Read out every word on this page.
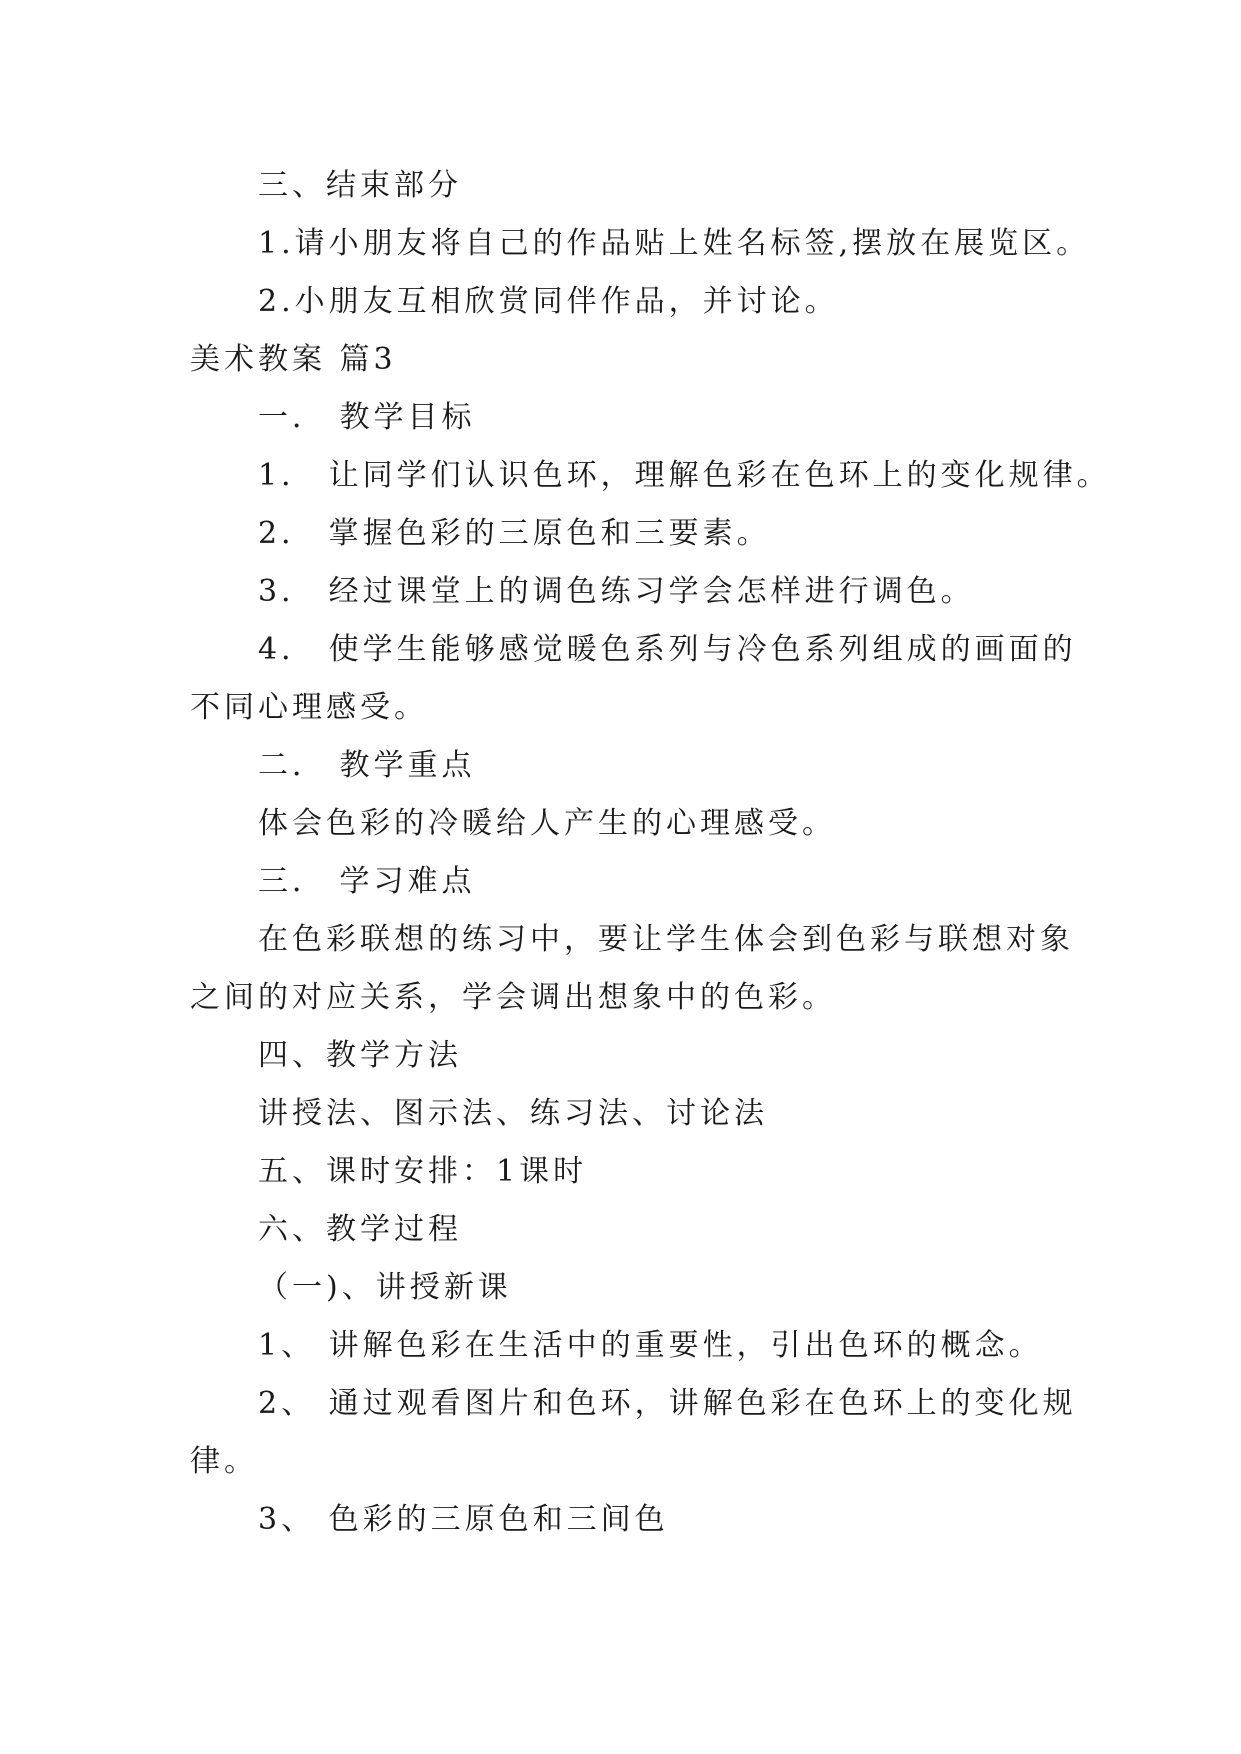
三、结束部分
1.请小朋友将自己的作品贴上姓名标签,摆放在展览区。
2.小朋友互相欣赏同伴作品，并讨论。
美术教案 篇3
一． 教学目标
1． 让同学们认识色环，理解色彩在色环上的变化规律。
2． 掌握色彩的三原色和三要素。
3． 经过课堂上的调色练习学会怎样进行调色。
4． 使学生能够感觉暖色系列与冷色系列组成的画面的
不同心理感受。
二． 教学重点
体会色彩的冷暖给人产生的心理感受。
三． 学习难点
在色彩联想的练习中，要让学生体会到色彩与联想对象
之间的对应关系，学会调出想象中的色彩。
四、教学方法
讲授法、图示法、练习法、讨论法
五、课时安排：1课时
六、教学过程
（一)、讲授新课
1、 讲解色彩在生活中的重要性，引出色环的概念。
2、 通过观看图片和色环，讲解色彩在色环上的变化规
律。
3、 色彩的三原色和三间色
